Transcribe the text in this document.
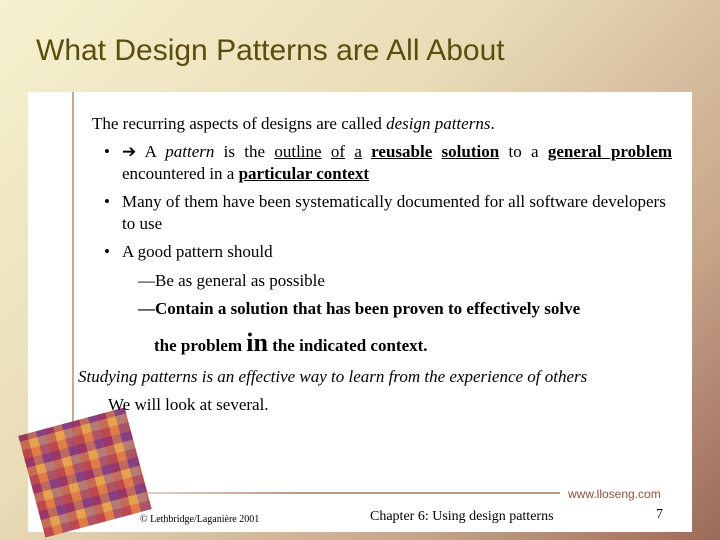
What Design Patterns are All About

The recurring aspects of designs are called design patterns.

• ➔ A pattern is the outline of a reusable solution to a general problem encountered in a particular context

• Many of them have been systematically documented for all software developers to use

• A good pattern should

—Be as general as possible

—Contain a solution that has been proven to effectively solve

the problem in the indicated context.

Studying patterns is an effective way to learn from the experience of others

We will look at several.

www.lloseng.com
© Lethbridge/Laganière 2001	Chapter 6: Using design patterns	7
